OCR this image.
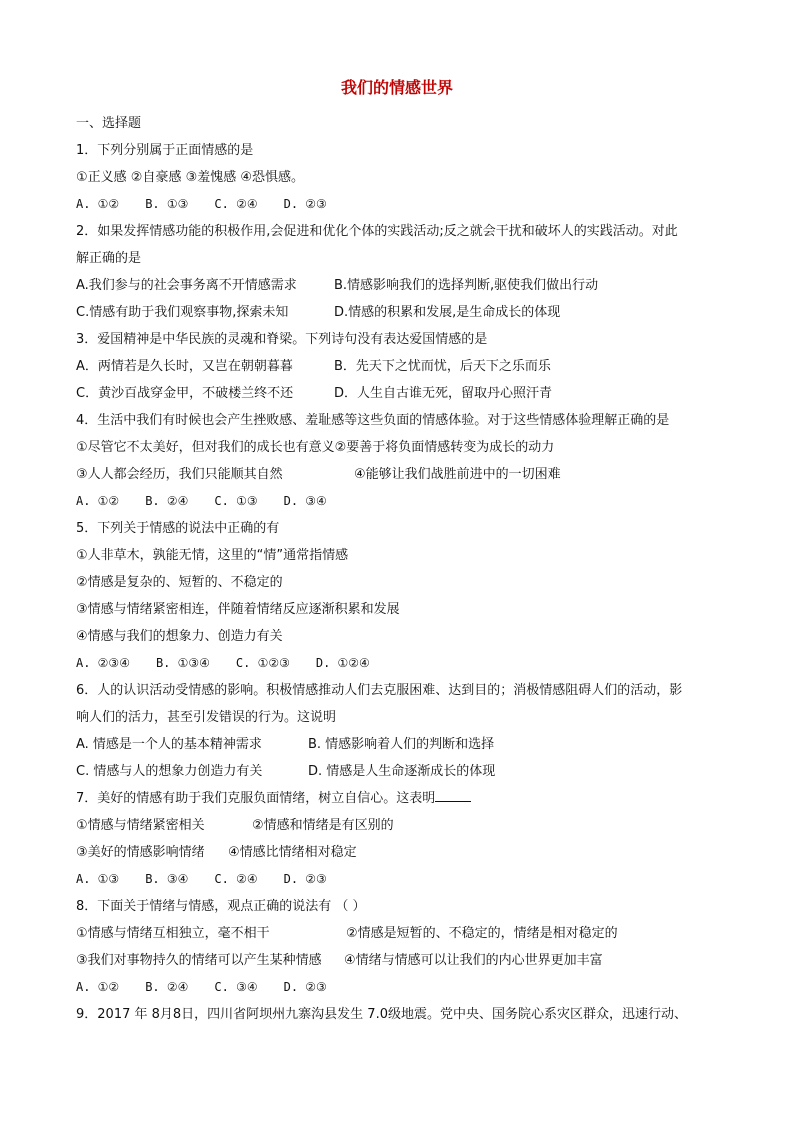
我们的情感世界
一、选择题
1．下列分别属于正面情感的是
①正义感 ②自豪感 ③羞愧感 ④恐惧感。
A. ①② B. ①③ C. ②④ D. ②③
2．如果发挥情感功能的积极作用,会促进和优化个体的实践活动;反之就会干扰和破坏人的实践活动。对此
解正确的是
A.我们参与的社会事务离不开情感需求	B.情感影响我们的选择判断,驱使我们做出行动
C.情感有助于我们观察事物,探索未知	D.情感的积累和发展,是生命成长的体现
3．爱国精神是中华民族的灵魂和脊梁。下列诗句没有表达爱国情感的是
A．两情若是久长时，又岂在朝朝暮暮	B．先天下之忧而忧，后天下之乐而乐
C．黄沙百战穿金甲，不破楼兰终不还	D．人生自古谁无死，留取丹心照汗青
4．生活中我们有时候也会产生挫败感、羞耻感等这些负面的情感体验。对于这些情感体验理解正确的是
①尽管它不太美好，但对我们的成长也有意义②要善于将负面情感转变为成长的动力
③人人都会经历，我们只能顺其自然	④能够让我们战胜前进中的一切困难
A. ①② B. ②④ C. ①③ D. ③④
5．下列关于情感的说法中正确的有
①人非草木，孰能无情，这里的“情”通常指情感
②情感是复杂的、短暂的、不稳定的
③情感与情绪紧密相连，伴随着情绪反应逐渐积累和发展
④情感与我们的想象力、创造力有关
A. ②③④ B. ①③④ C. ①②③ D. ①②④
6．人的认识活动受情感的影响。积极情感推动人们去克服困难、达到目的；消极情感阻碍人们的活动，影
响人们的活力，甚至引发错误的行为。这说明
A. 情感是一个人的基本精神需求	B. 情感影响着人们的判断和选择
C. 情感与人的想象力创造力有关	D. 情感是人生命逐渐成长的体现
7．美好的情感有助于我们克服负面情绪，树立自信心。这表明
①情感与情绪紧密相关	②情感和情绪是有区别的
③美好的情感影响情绪	④情感比情绪相对稳定
A. ①③ B. ③④ C. ②④ D. ②③
8．下面关于情绪与情感，观点正确的说法有 （ ）
①情感与情绪互相独立，毫不相干	②情感是短暂的、不稳定的，情绪是相对稳定的
③我们对事物持久的情绪可以产生某种情感	④情绪与情感可以让我们的内心世界更加丰富
A. ①② B. ②④ C. ③④ D. ②③
9．2017 年 8月8日，四川省阿坝州九寨沟县发生 7.0级地震。党中央、国务院心系灾区群众，迅速行动、
